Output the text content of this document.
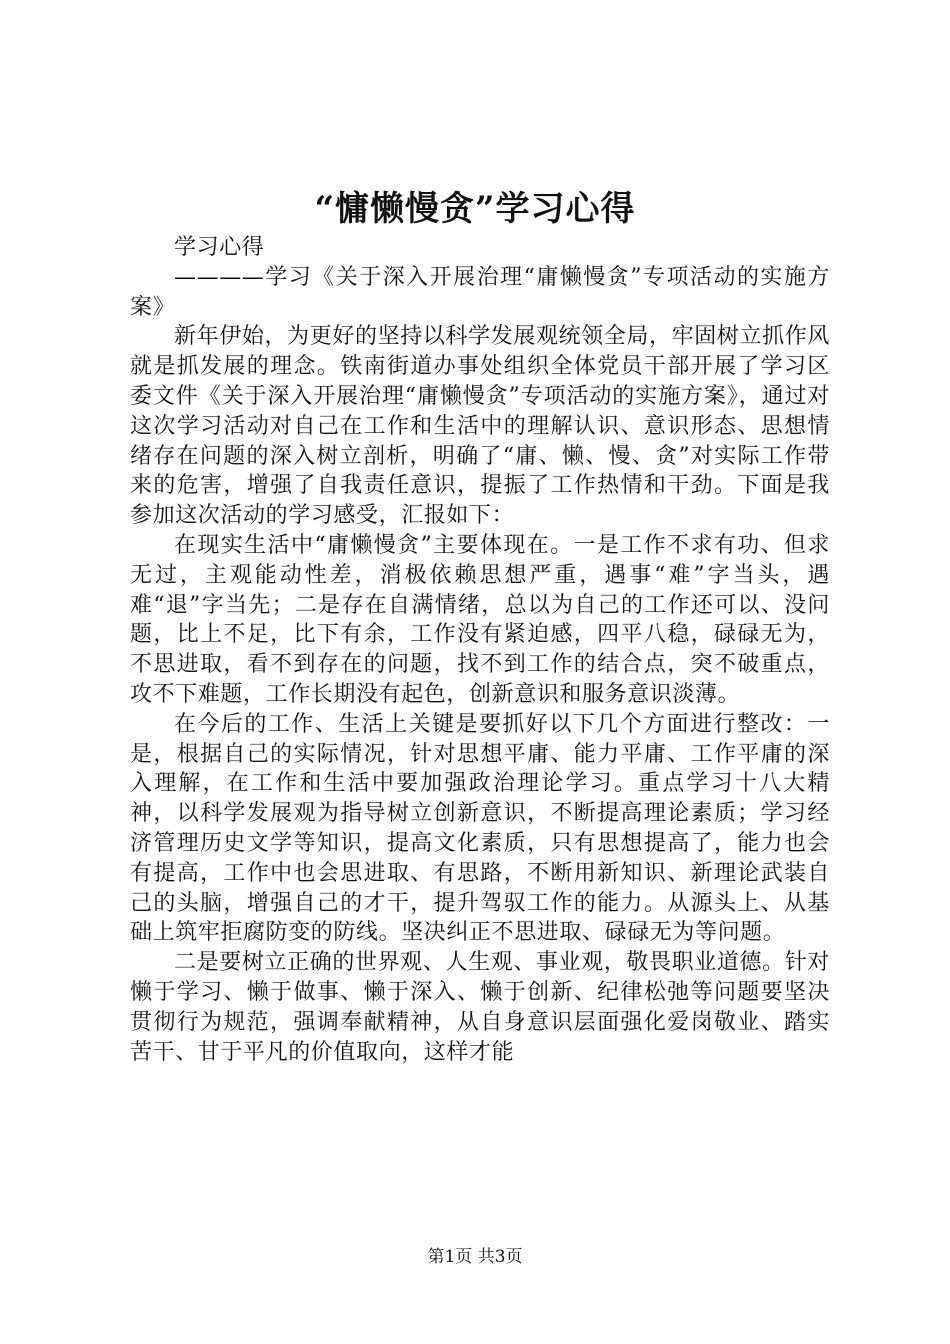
“慵懒慢贪”学习心得

学习心得

————学习《关于深入开展治理“庸懒慢贪”专项活动的实施方案》

新年伊始，为更好的坚持以科学发展观统领全局，牢固树立抓作风就是抓发展的理念。铁南街道办事处组织全体党员干部开展了学习区委文件《关于深入开展治理“庸懒慢贪”专项活动的实施方案》，通过对这次学习活动对自己在工作和生活中的理解认识、意识形态、思想情绪存在问题的深入树立剖析，明确了“庸、懒、慢、贪”对实际工作带来的危害，增强了自我责任意识，提振了工作热情和干劲。下面是我参加这次活动的学习感受，汇报如下：

在现实生活中“庸懒慢贪”主要体现在。一是工作不求有功、但求无过，主观能动性差，消极依赖思想严重，遇事“难”字当头，遇难“退”字当先；二是存在自满情绪，总以为自己的工作还可以、没问题，比上不足，比下有余，工作没有紧迫感，四平八稳，碌碌无为，不思进取，看不到存在的问题，找不到工作的结合点，突不破重点，攻不下难题，工作长期没有起色，创新意识和服务意识淡薄。

在今后的工作、生活上关键是要抓好以下几个方面进行整改：一是，根据自己的实际情况，针对思想平庸、能力平庸、工作平庸的深入理解，在工作和生活中要加强政治理论学习。重点学习十八大精神，以科学发展观为指导树立创新意识，不断提高理论素质；学习经济管理历史文学等知识，提高文化素质，只有思想提高了，能力也会有提高，工作中也会思进取、有思路，不断用新知识、新理论武装自己的头脑，增强自己的才干，提升驾驭工作的能力。从源头上、从基础上筑牢拒腐防变的防线。坚决纠正不思进取、碌碌无为等问题。

二是要树立正确的世界观、人生观、事业观，敬畏职业道德。针对懒于学习、懒于做事、懒于深入、懒于创新、纪律松弛等问题要坚决贯彻行为规范，强调奉献精神，从自身意识层面强化爱岗敬业、踏实苦干、甘于平凡的价值取向，这样才能

第1页 共3页
